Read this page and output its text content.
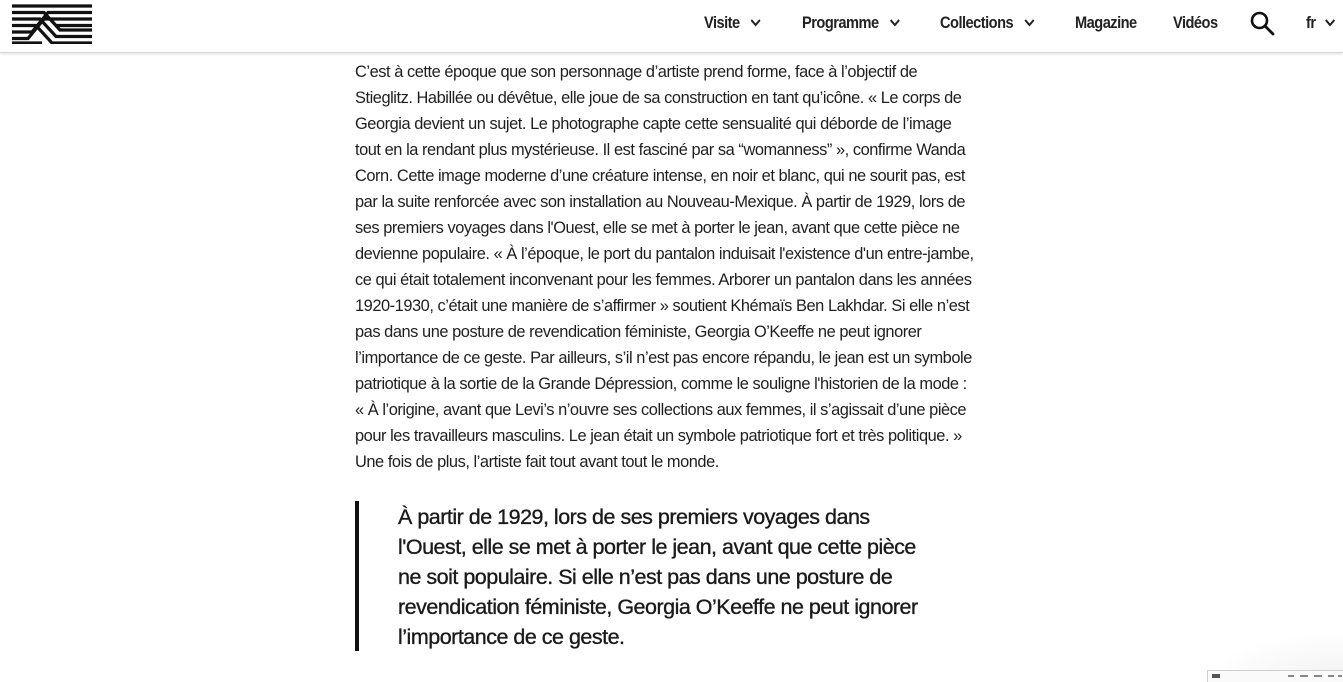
Visite	Programme	Collections	Magazine Vidéos	fr

C’est à cette époque que son personnage d’artiste prend forme, face à l’objectif de Stieglitz. Habillée ou dévêtue, elle joue de sa construction en tant qu’icône. « Le corps de Georgia devient un sujet. Le photographe capte cette sensualité qui déborde de l’image tout en la rendant plus mystérieuse. Il est fasciné par sa “womanness” », confirme Wanda Corn. Cette image moderne d’une créature intense, en noir et blanc, qui ne sourit pas, est par la suite renforcée avec son installation au Nouveau-Mexique. À partir de 1929, lors de ses premiers voyages dans l'Ouest, elle se met à porter le jean, avant que cette pièce ne devienne populaire. « À l’époque, le port du pantalon induisait l'existence d'un entre-jambe, ce qui était totalement inconvenant pour les femmes. Arborer un pantalon dans les années 1920-1930, c’était une manière de s’affirmer » soutient Khémaïs Ben Lakhdar. Si elle n’est pas dans une posture de revendication féministe, Georgia O’Keeffe ne peut ignorer l’importance de ce geste. Par ailleurs, s’il n’est pas encore répandu, le jean est un symbole patriotique à la sortie de la Grande Dépression, comme le souligne l'historien de la mode : « À l’origine, avant que Levi’s n’ouvre ses collections aux femmes, il s’agissait d’une pièce pour les travailleurs masculins. Le jean était un symbole patriotique fort et très politique. » Une fois de plus, l’artiste fait tout avant tout le monde.

À partir de 1929, lors de ses premiers voyages dans l'Ouest, elle se met à porter le jean, avant que cette pièce ne soit populaire. Si elle n’est pas dans une posture de revendication féministe, Georgia O’Keeffe ne peut ignorer l’importance de ce geste.
